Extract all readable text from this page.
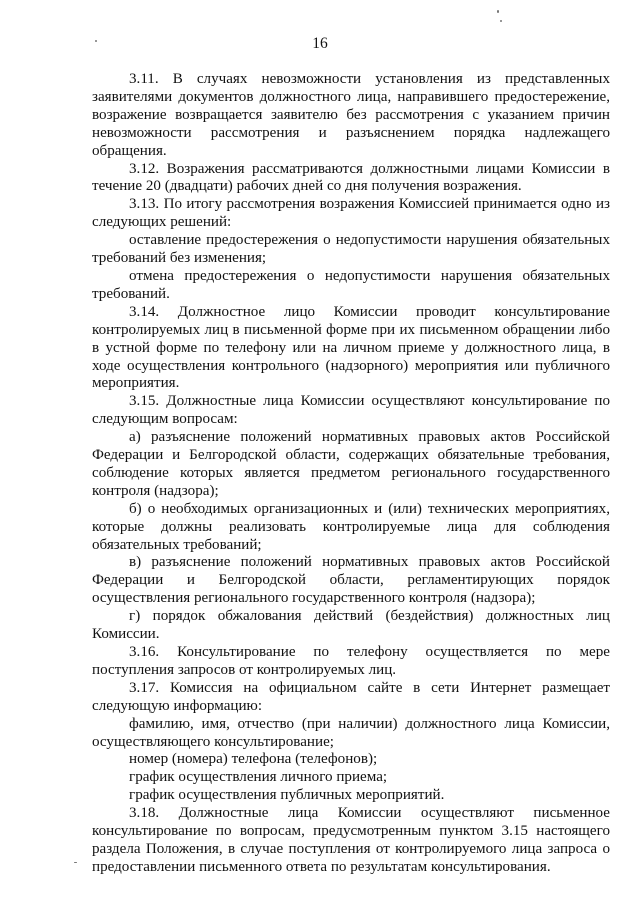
16

3.11. В случаях невозможности установления из представленных заявителями документов должностного лица, направившего предостережение, возражение возвращается заявителю без рассмотрения с указанием причин невозможности рассмотрения и разъяснением порядка надлежащего обращения.

3.12. Возражения рассматриваются должностными лицами Комиссии в течение 20 (двадцати) рабочих дней со дня получения возражения.

3.13. По итогу рассмотрения возражения Комиссией принимается одно из следующих решений:

оставление предостережения о недопустимости нарушения обязательных требований без изменения;

отмена предостережения о недопустимости нарушения обязательных требований.

3.14. Должностное лицо Комиссии проводит консультирование контролируемых лиц в письменной форме при их письменном обращении либо в устной форме по телефону или на личном приеме у должностного лица, в ходе осуществления контрольного (надзорного) мероприятия или публичного мероприятия.

3.15. Должностные лица Комиссии осуществляют консультирование по следующим вопросам:

а) разъяснение положений нормативных правовых актов Российской Федерации и Белгородской области, содержащих обязательные требования, соблюдение которых является предметом регионального государственного контроля (надзора);

б) о необходимых организационных и (или) технических мероприятиях, которые должны реализовать контролируемые лица для соблюдения обязательных требований;

в) разъяснение положений нормативных правовых актов Российской Федерации и Белгородской области, регламентирующих порядок осуществления регионального государственного контроля (надзора);

г) порядок обжалования действий (бездействия) должностных лиц Комиссии.

3.16. Консультирование по телефону осуществляется по мере поступления запросов от контролируемых лиц.

3.17. Комиссия на официальном сайте в сети Интернет размещает следующую информацию:

фамилию, имя, отчество (при наличии) должностного лица Комиссии, осуществляющего консультирование;

номер (номера) телефона (телефонов);

график осуществления личного приема;

график осуществления публичных мероприятий.

3.18. Должностные лица Комиссии осуществляют письменное консультирование по вопросам, предусмотренным пунктом 3.15 настоящего раздела Положения, в случае поступления от контролируемого лица запроса о предоставлении письменного ответа по результатам консультирования.
